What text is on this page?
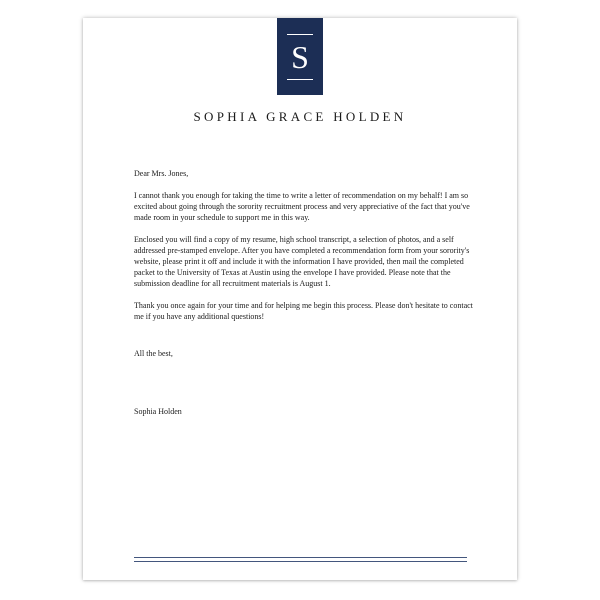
S
SOPHIA GRACE HOLDEN

Dear Mrs. Jones,

I cannot thank you enough for taking the time to write a letter of recommendation on my behalf! I am so excited about going through the sorority recruitment process and very appreciative of the fact that you've made room in your schedule to support me in this way.

Enclosed you will find a copy of my resume, high school transcript, a selection of photos, and a self addressed pre-stamped envelope. After you have completed a recommendation form from your sorority's website, please print it off and include it with the information I have provided, then mail the completed packet to the University of Texas at Austin using the envelope I have provided. Please note that the submission deadline for all recruitment materials is August 1.

Thank you once again for your time and for helping me begin this process. Please don't hesitate to contact me if you have any additional questions!

All the best,

Sophia Holden
